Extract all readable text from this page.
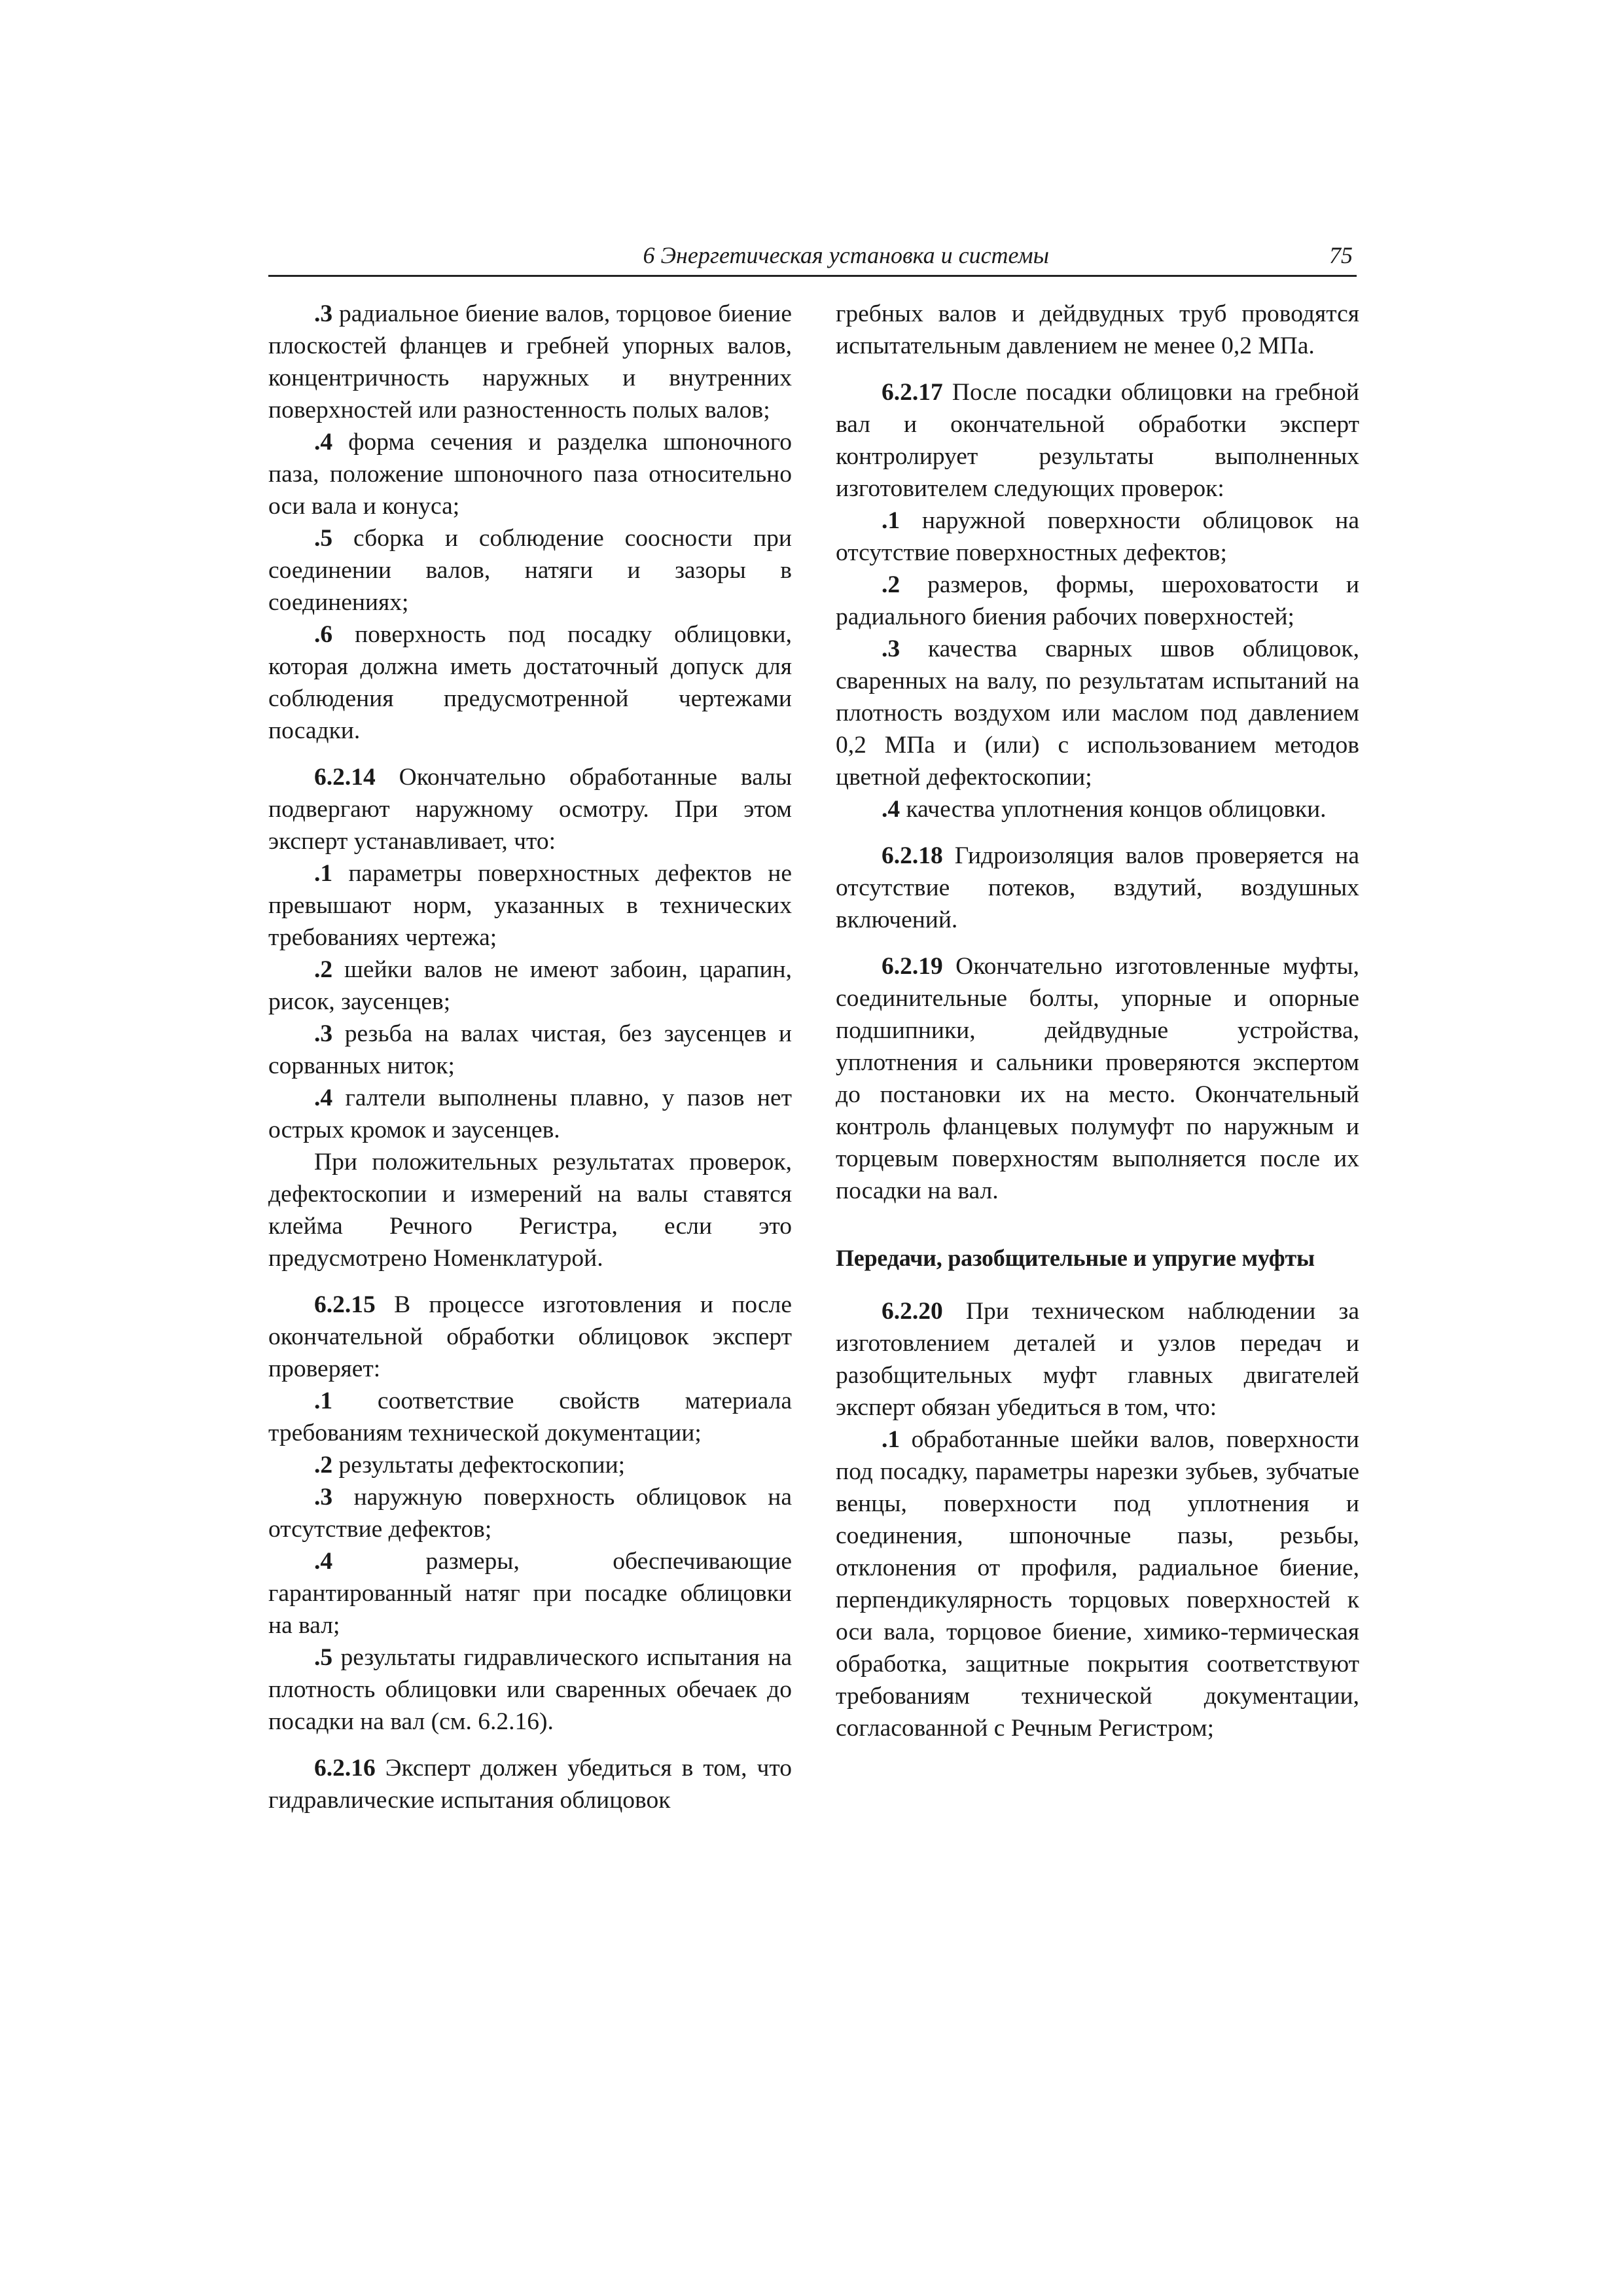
6 Энергетическая установка и системы	75

.3 радиальное биение валов, торцовое биение плоскостей фланцев и гребней упорных валов, концентричность наружных и внутренних поверхностей или разностенность полых валов;

.4 форма сечения и разделка шпоночного паза, положение шпоночного паза относительно оси вала и конуса;

.5 сборка и соблюдение соосности при соединении валов, натяги и зазоры в соединениях;

.6 поверхность под посадку облицовки, которая должна иметь достаточный допуск для соблюдения предусмотренной чертежами посадки.

6.2.14 Окончательно обработанные валы подвергают наружному осмотру. При этом эксперт устанавливает, что:

.1 параметры поверхностных дефектов не превышают норм, указанных в технических требованиях чертежа;

.2 шейки валов не имеют забоин, царапин, рисок, заусенцев;

.3 резьба на валах чистая, без заусенцев и сорванных ниток;

.4 галтели выполнены плавно, у пазов нет острых кромок и заусенцев.

При положительных результатах проверок, дефектоскопии и измерений на валы ставятся клейма Речного Регистра, если это предусмотрено Номенклатурой.

6.2.15 В процессе изготовления и после окончательной обработки облицовок эксперт проверяет:

.1 соответствие свойств материала требованиям технической документации;

.2 результаты дефектоскопии;

.3 наружную поверхность облицовок на отсутствие дефектов;

.4 размеры, обеспечивающие гарантированный натяг при посадке облицовки на вал;

.5 результаты гидравлического испытания на плотность облицовки или сваренных обечаек до посадки на вал (см. 6.2.16).

6.2.16 Эксперт должен убедиться в том, что гидравлические испытания облицовок

гребных валов и дейдвудных труб проводятся испытательным давлением не менее 0,2 МПа.

6.2.17 После посадки облицовки на гребной вал и окончательной обработки эксперт контролирует результаты выполненных изготовителем следующих проверок:

.1 наружной поверхности облицовок на отсутствие поверхностных дефектов;

.2 размеров, формы, шероховатости и радиального биения рабочих поверхностей;

.3 качества сварных швов облицовок, сваренных на валу, по результатам испытаний на плотность воздухом или маслом под давлением 0,2 МПа и (или) с использованием методов цветной дефектоскопии;

.4 качества уплотнения концов облицовки.

6.2.18 Гидроизоляция валов проверяется на отсутствие потеков, вздутий, воздушных включений.

6.2.19 Окончательно изготовленные муфты, соединительные болты, упорные и опорные подшипники, дейдвудные устройства, уплотнения и сальники проверяются экспертом до постановки их на место. Окончательный контроль фланцевых полумуфт по наружным и торцевым поверхностям выполняется после их посадки на вал.

Передачи, разобщительные и упругие муфты

6.2.20 При техническом наблюдении за изготовлением деталей и узлов передач и разобщительных муфт главных двигателей эксперт обязан убедиться в том, что:

.1 обработанные шейки валов, поверхности под посадку, параметры нарезки зубьев, зубчатые венцы, поверхности под уплотнения и соединения, шпоночные пазы, резьбы, отклонения от профиля, радиальное биение, перпендикулярность торцовых поверхностей к оси вала, торцовое биение, химико-термическая обработка, защитные покрытия соответствуют требованиям технической документации, согласованной с Речным Регистром;
